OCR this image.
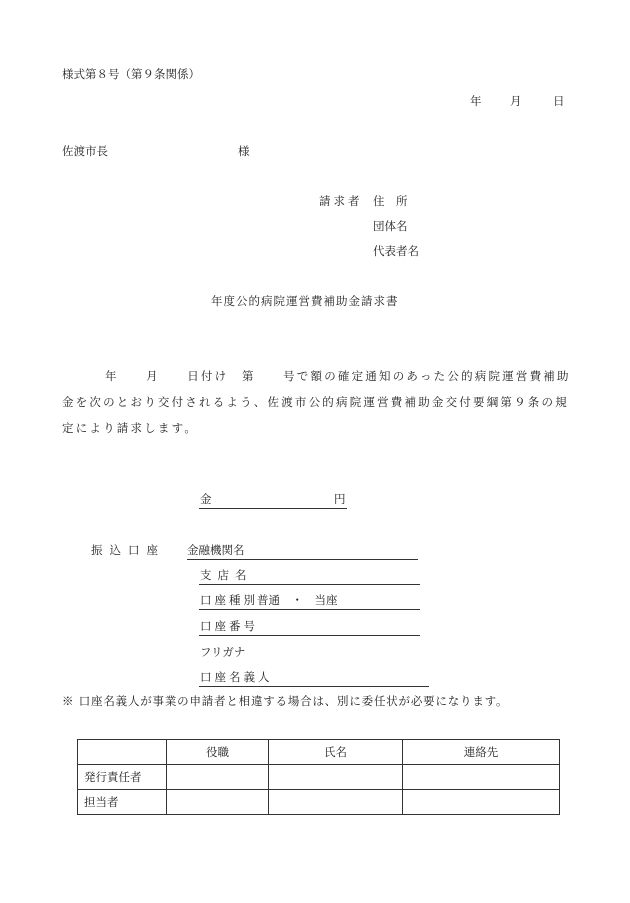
様式第８号（第９条関係）
年 月	日
佐渡市長	様
請求者 住　所
団体名
代表者名
年度公的病院運営費補助金請求書
年　　月　　日付け　第　　号で額の確定通知のあった公的病院運営費補助
金を次のとおり交付されるよう、佐渡市公的病院運営費補助金交付要綱第９条の規
定により請求します。
金	円
振込口座 金融機関名
支店名
口座種別 普通　・　当座
口座番号
フリガナ
口座名義人
※ 口座名義人が事業の申請者と相違する場合は、別に委任状が必要になります。
	役職	氏名	連絡先
発行責任者			
担当者			
